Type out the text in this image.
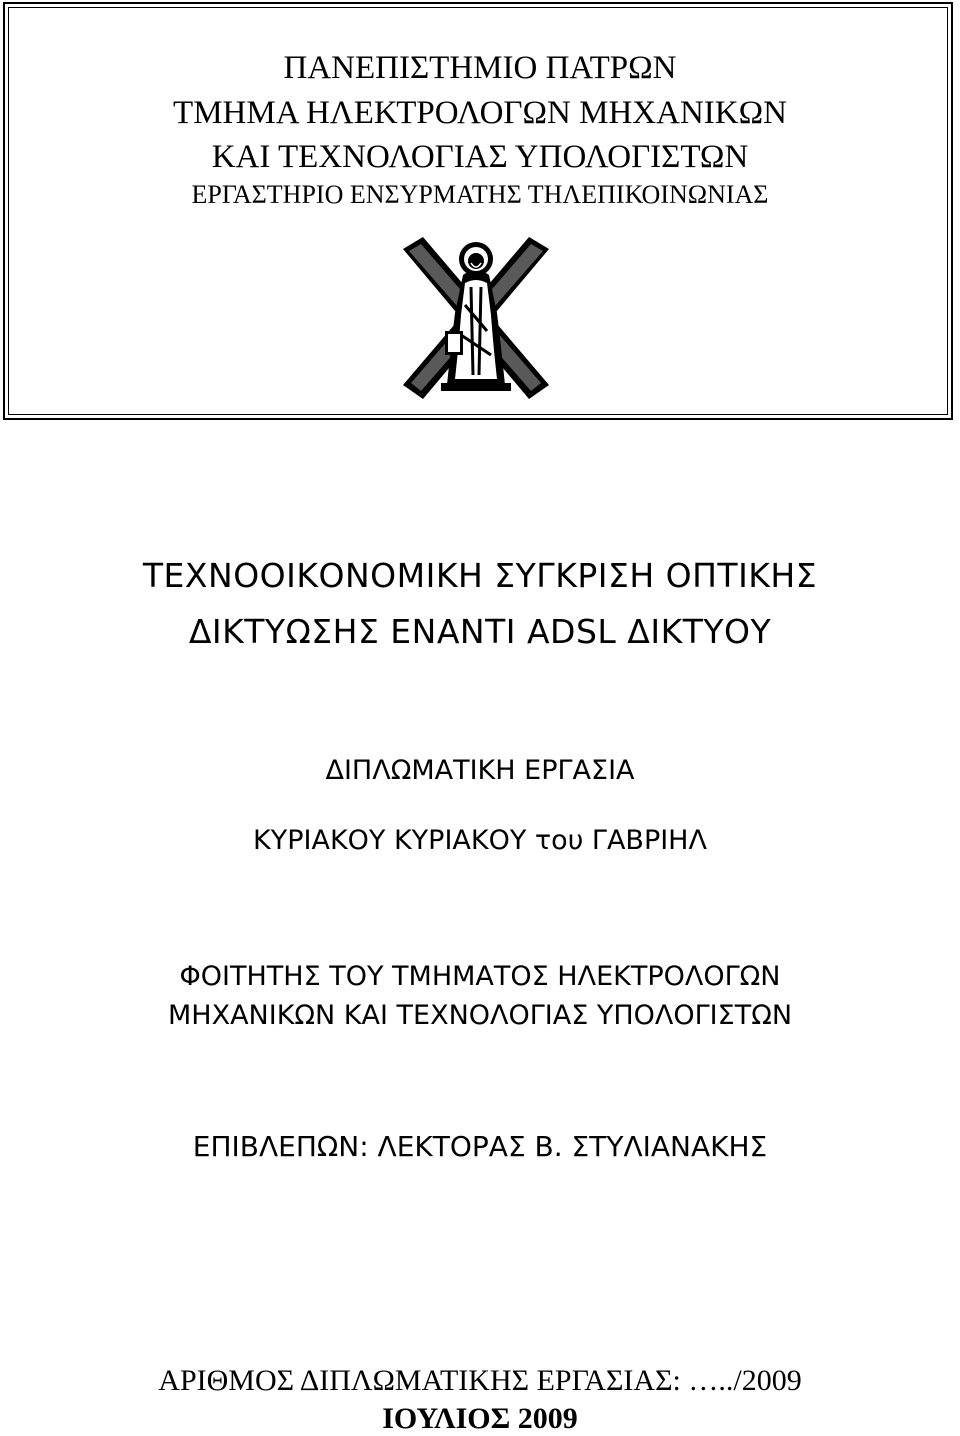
ΠΑΝΕΠΙΣΤΗΜΙΟ ΠΑΤΡΩΝ
ΤΜΗΜΑ ΗΛΕΚΤΡΟΛΟΓΩΝ ΜΗΧΑΝΙΚΩΝ
ΚΑΙ ΤΕΧΝΟΛΟΓΙΑΣ ΥΠΟΛΟΓΙΣΤΩΝ
ΕΡΓΑΣΤΗΡΙΟ ΕΝΣΥΡΜΑΤΗΣ ΤΗΛΕΠΙΚΟΙΝΩΝΙΑΣ
ΤΕΧΝΟΟΙΚΟΝΟΜΙΚΗ ΣΥΓΚΡΙΣΗ ΟΠΤΙΚΗΣ
ΔΙΚΤΥΩΣΗΣ ΕΝΑΝΤΙ ADSL ΔΙΚΤΥΟΥ
ΔΙΠΛΩΜΑΤΙΚΗ ΕΡΓΑΣΙΑ
ΚΥΡΙΑΚΟΥ ΚΥΡΙΑΚΟΥ του ΓΑΒΡΙΗΛ
ΦΟΙΤΗΤΗΣ ΤΟΥ ΤΜΗΜΑΤΟΣ ΗΛΕΚΤΡΟΛΟΓΩΝ
ΜΗΧΑΝΙΚΩΝ ΚΑΙ ΤΕΧΝΟΛΟΓΙΑΣ ΥΠΟΛΟΓΙΣΤΩΝ
ΕΠΙΒΛΕΠΩΝ: ΛΕΚΤΟΡΑΣ Β. ΣΤΥΛΙΑΝΑΚΗΣ
ΑΡΙΘΜΟΣ ΔΙΠΛΩΜΑΤΙΚΗΣ ΕΡΓΑΣΙΑΣ: …../2009
ΙΟΥΛΙΟΣ 2009
